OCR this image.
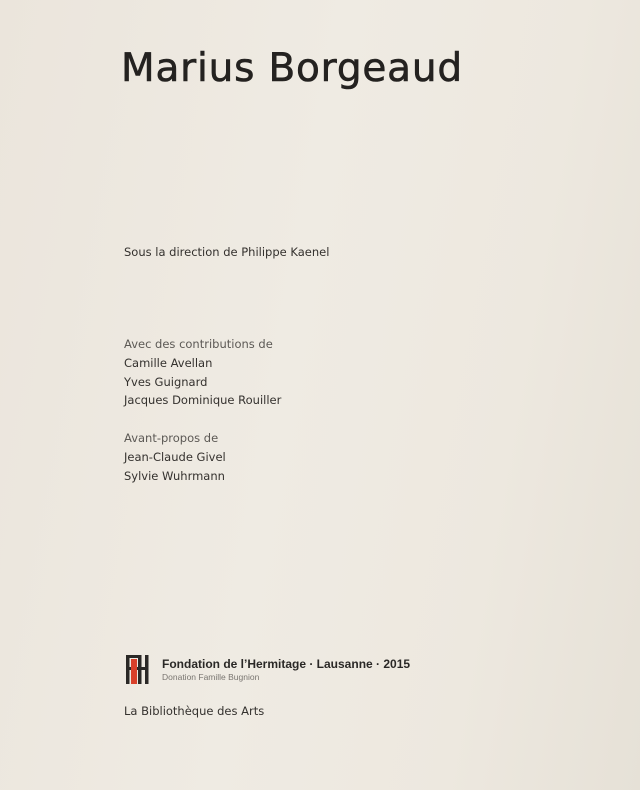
Marius Borgeaud

Sous la direction de Philippe Kaenel

Avec des contributions de

Camille Avellan

Yves Guignard

Jacques Dominique Rouiller

Avant-propos de

Jean-Claude Givel

Sylvie Wuhrmann

Fondation de l’Hermitage · Lausanne · 2015

Donation Famille Bugnion

La Bibliothèque des Arts
